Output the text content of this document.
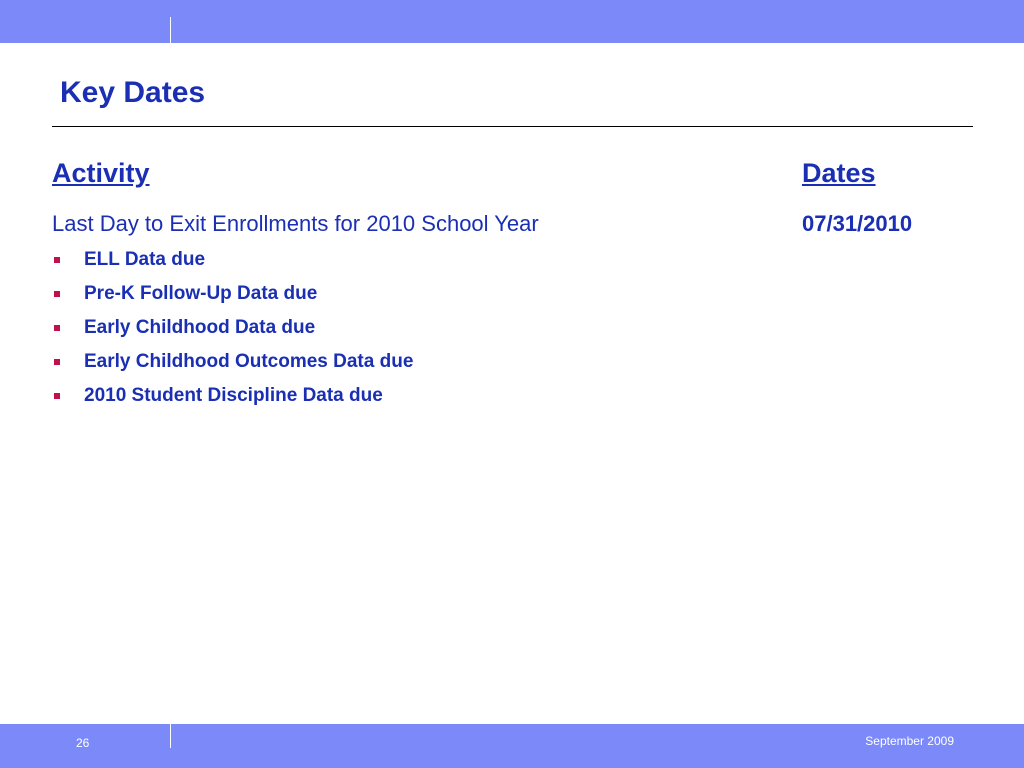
Key Dates
Activity	Dates
Last Day to Exit Enrollments for 2010 School Year	07/31/2010
ELL Data due
Pre-K Follow-Up Data due
Early Childhood Data due
Early Childhood Outcomes Data due
2010 Student Discipline Data due
26	September 2009
